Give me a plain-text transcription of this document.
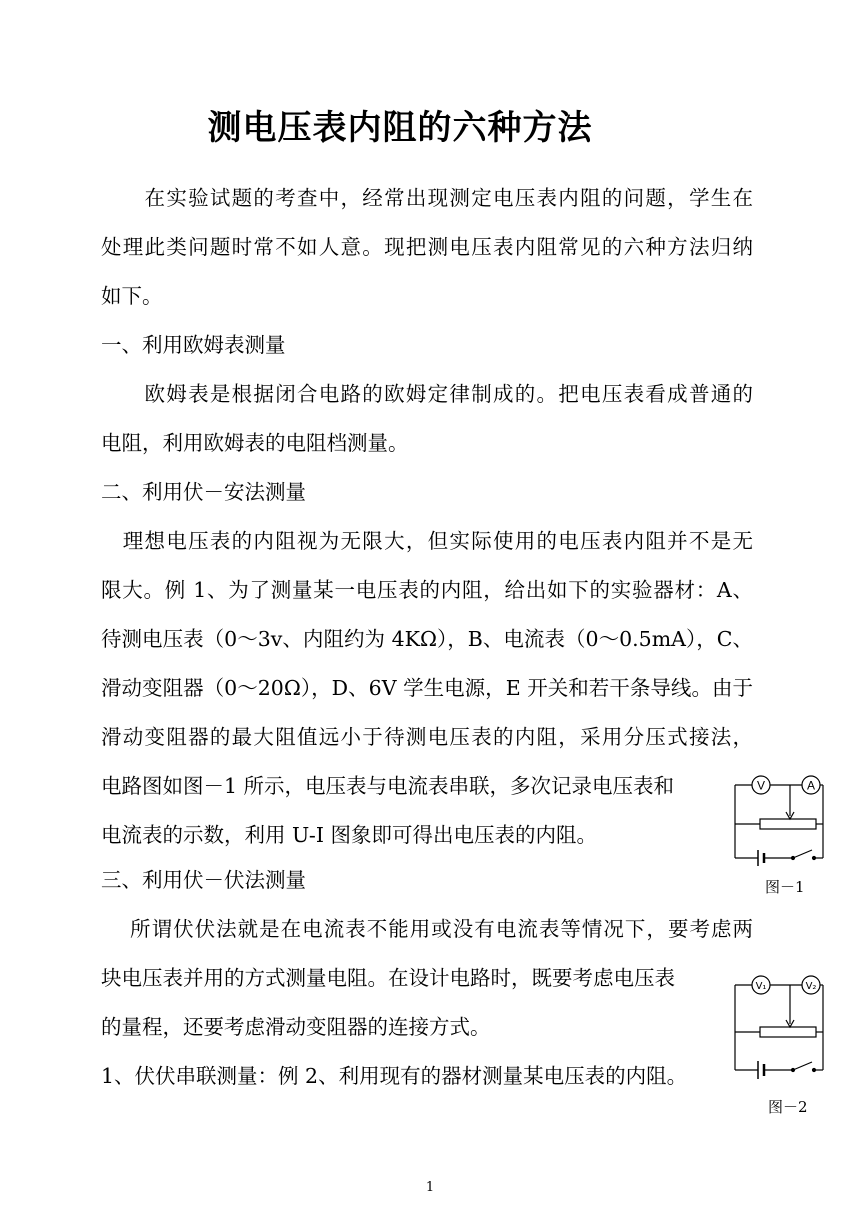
测电压表内阻的六种方法
　　在实验试题的考查中，经常出现测定电压表内阻的问题，学生在
处理此类问题时常不如人意。现把测电压表内阻常见的六种方法归纳
如下。
一、利用欧姆表测量
　　欧姆表是根据闭合电路的欧姆定律制成的。把电压表看成普通的
电阻，利用欧姆表的电阻档测量。
二、利用伏－安法测量
　理想电压表的内阻视为无限大，但实际使用的电压表内阻并不是无
限大。例 1、为了测量某一电压表的内阻，给出如下的实验器材：A、
待测电压表（0～3v、内阻约为 4KΩ），B、电流表（0～0.5mA），C、
滑动变阻器（0～20Ω），D、6V 学生电源，E 开关和若干条导线。由于
滑动变阻器的最大阻值远小于待测电压表的内阻，采用分压式接法，
电路图如图－1 所示，电压表与电流表串联，多次记录电压表和
电流表的示数，利用 U-I 图象即可得出电压表的内阻。
三、利用伏－伏法测量
　 所谓伏伏法就是在电流表不能用或没有电流表等情况下，要考虑两
块电压表并用的方式测量电阻。在设计电路时，既要考虑电压表
的量程，还要考虑滑动变阻器的连接方式。
1、伏伏串联测量：例 2、利用现有的器材测量某电压表的内阻。
V	A
图－1
V₁	V₂
图－2
1
